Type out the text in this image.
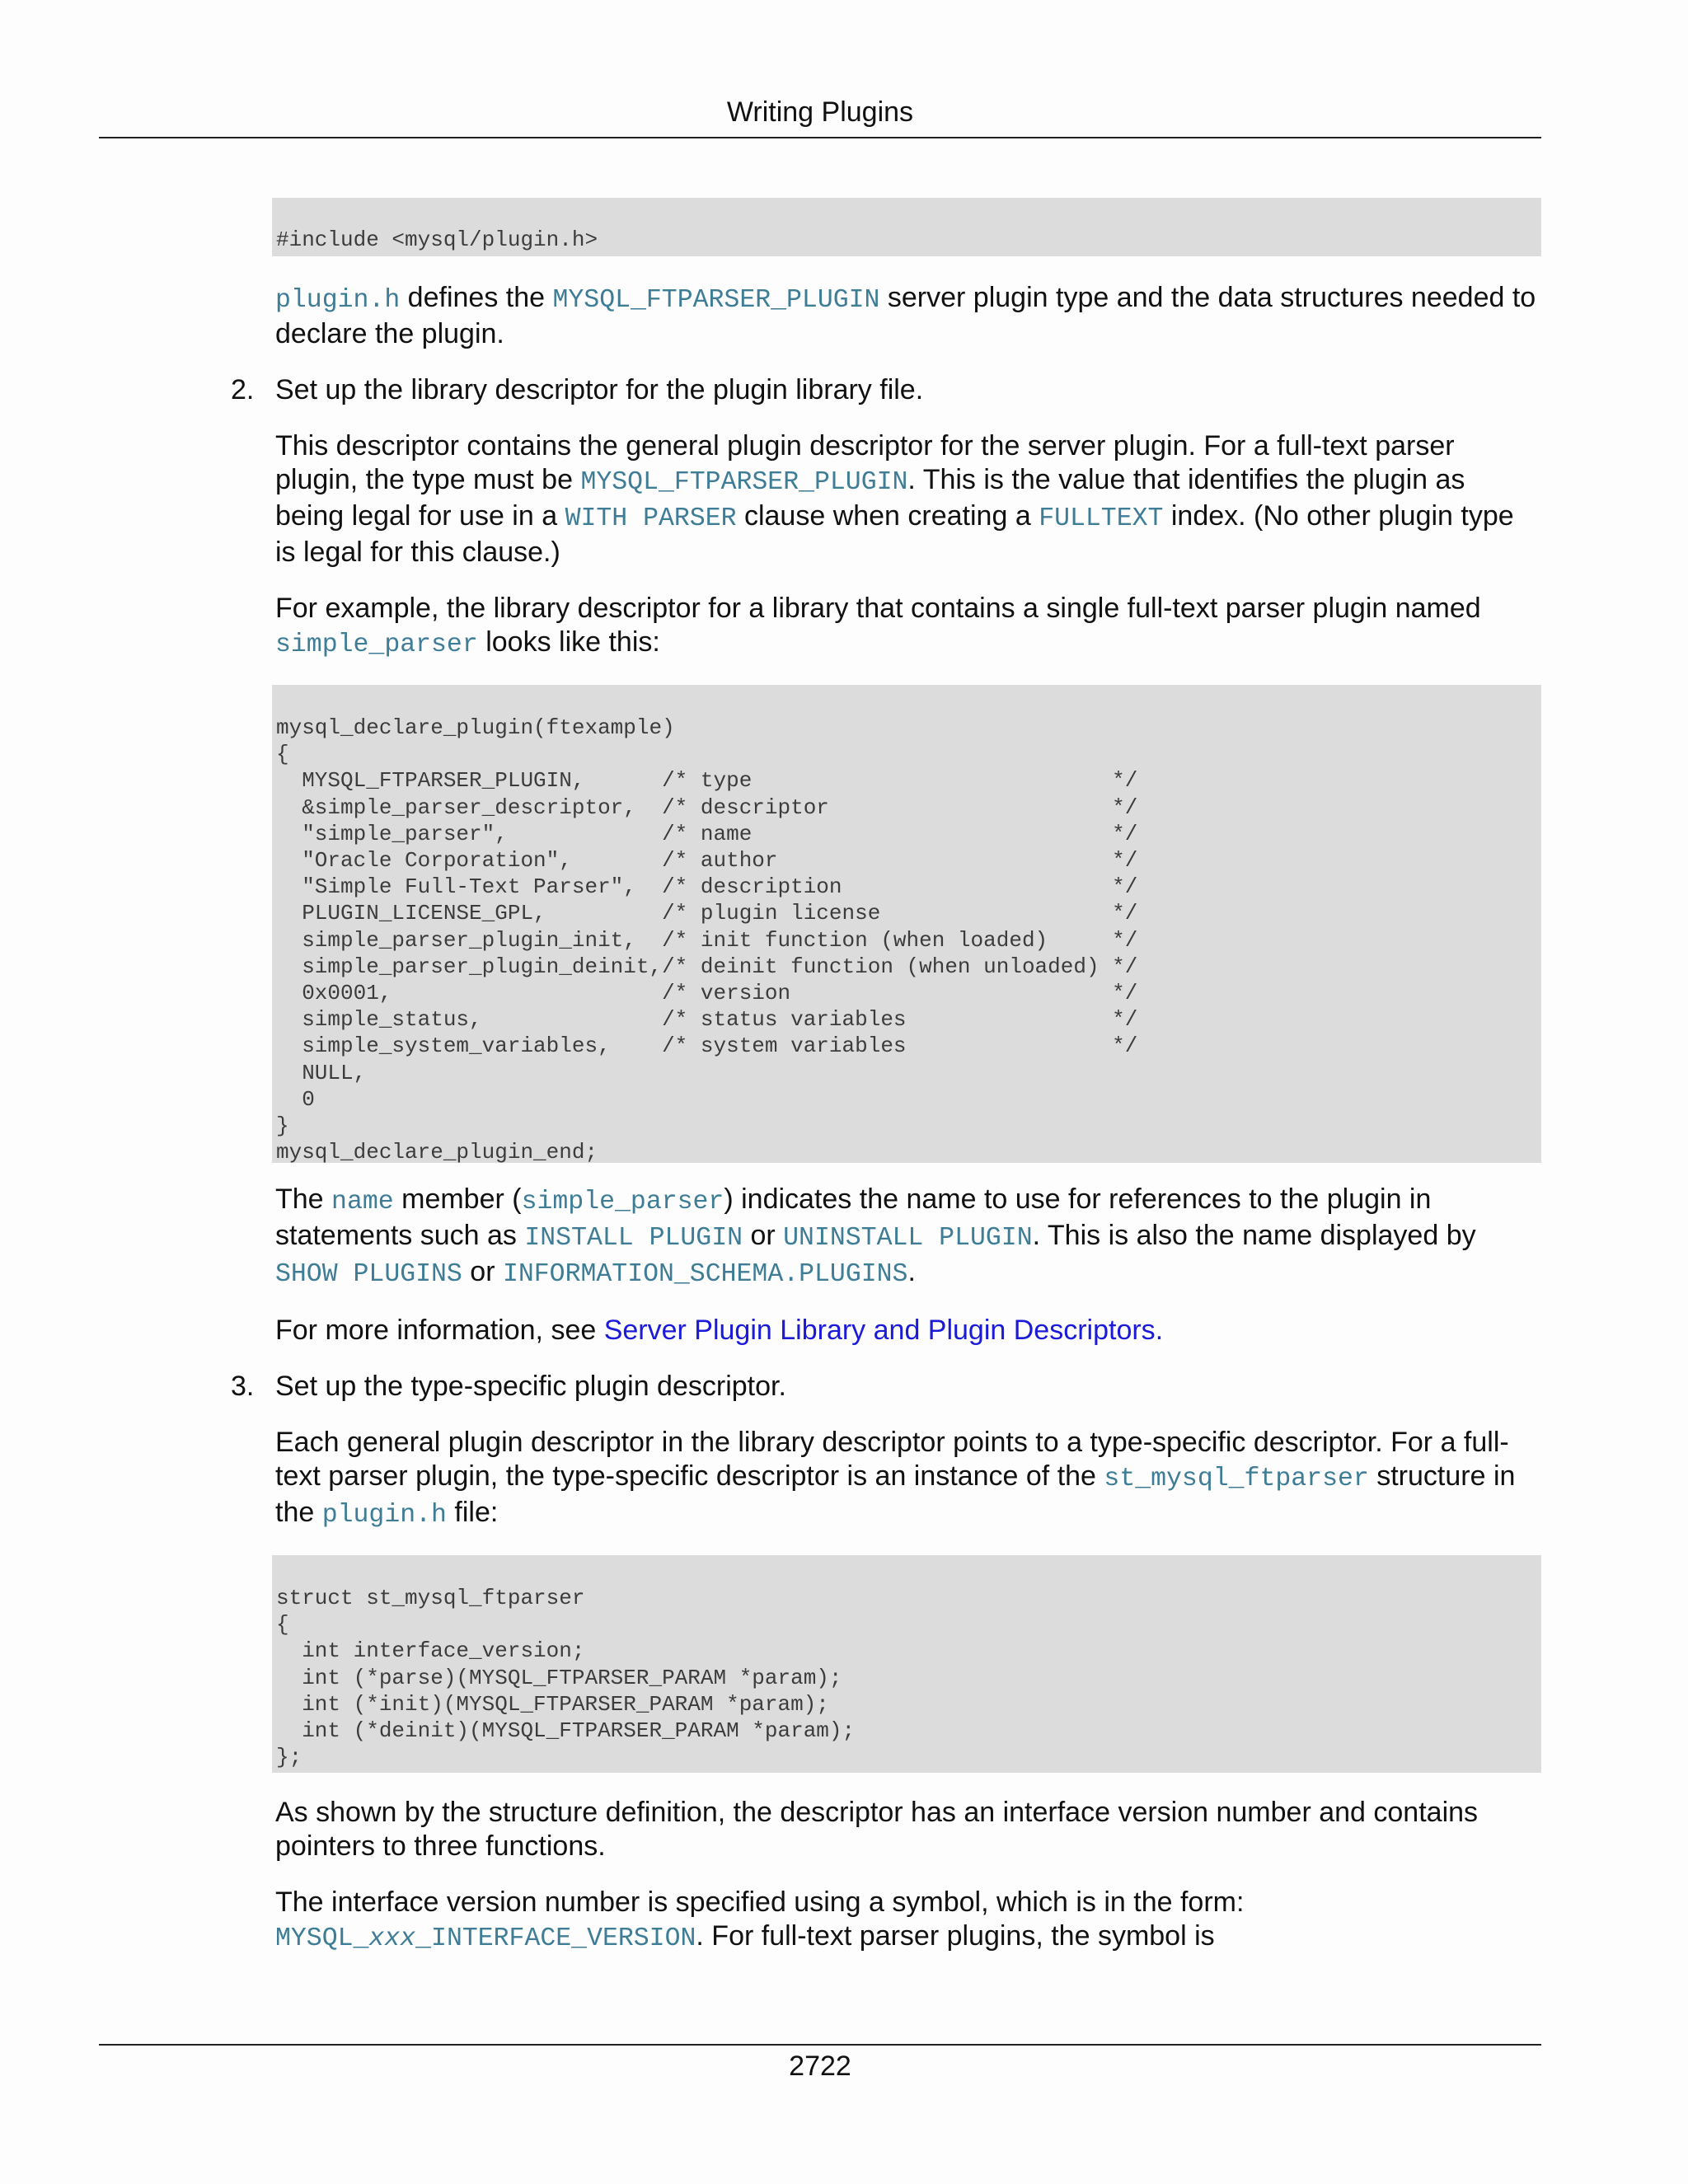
Writing Plugins
#include <mysql/plugin.h>

plugin.h defines the MYSQL_FTPARSER_PLUGIN server plugin type and the data structures needed to declare the plugin.

2. Set up the library descriptor for the plugin library file.

This descriptor contains the general plugin descriptor for the server plugin. For a full-text parser plugin, the type must be MYSQL_FTPARSER_PLUGIN. This is the value that identifies the plugin as being legal for use in a WITH PARSER clause when creating a FULLTEXT index. (No other plugin type is legal for this clause.)

For example, the library descriptor for a library that contains a single full-text parser plugin named simple_parser looks like this:

mysql_declare_plugin(ftexample)
{
MYSQL_FTPARSER_PLUGIN,      /* type                            */
&simple_parser_descriptor,  /* descriptor                      */
"simple_parser",            /* name                            */
"Oracle Corporation",       /* author                          */
"Simple Full-Text Parser",  /* description                     */
PLUGIN_LICENSE_GPL,         /* plugin license                  */
simple_parser_plugin_init,  /* init function (when loaded)     */
simple_parser_plugin_deinit,/* deinit function (when unloaded) */
0x0001,                     /* version                         */
simple_status,              /* status variables                */
simple_system_variables,    /* system variables                */
NULL,
0
}
mysql_declare_plugin_end;

The name member (simple_parser) indicates the name to use for references to the plugin in statements such as INSTALL PLUGIN or UNINSTALL PLUGIN. This is also the name displayed by SHOW PLUGINS or INFORMATION_SCHEMA.PLUGINS.

For more information, see Server Plugin Library and Plugin Descriptors.

3. Set up the type-specific plugin descriptor.

Each general plugin descriptor in the library descriptor points to a type-specific descriptor. For a full-text parser plugin, the type-specific descriptor is an instance of the st_mysql_ftparser structure in the plugin.h file:

struct st_mysql_ftparser
{
int interface_version;
int (*parse)(MYSQL_FTPARSER_PARAM *param);
int (*init)(MYSQL_FTPARSER_PARAM *param);
int (*deinit)(MYSQL_FTPARSER_PARAM *param);
};

As shown by the structure definition, the descriptor has an interface version number and contains pointers to three functions.

The interface version number is specified using a symbol, which is in the form: MYSQL_xxx_INTERFACE_VERSION. For full-text parser plugins, the symbol is

2722
